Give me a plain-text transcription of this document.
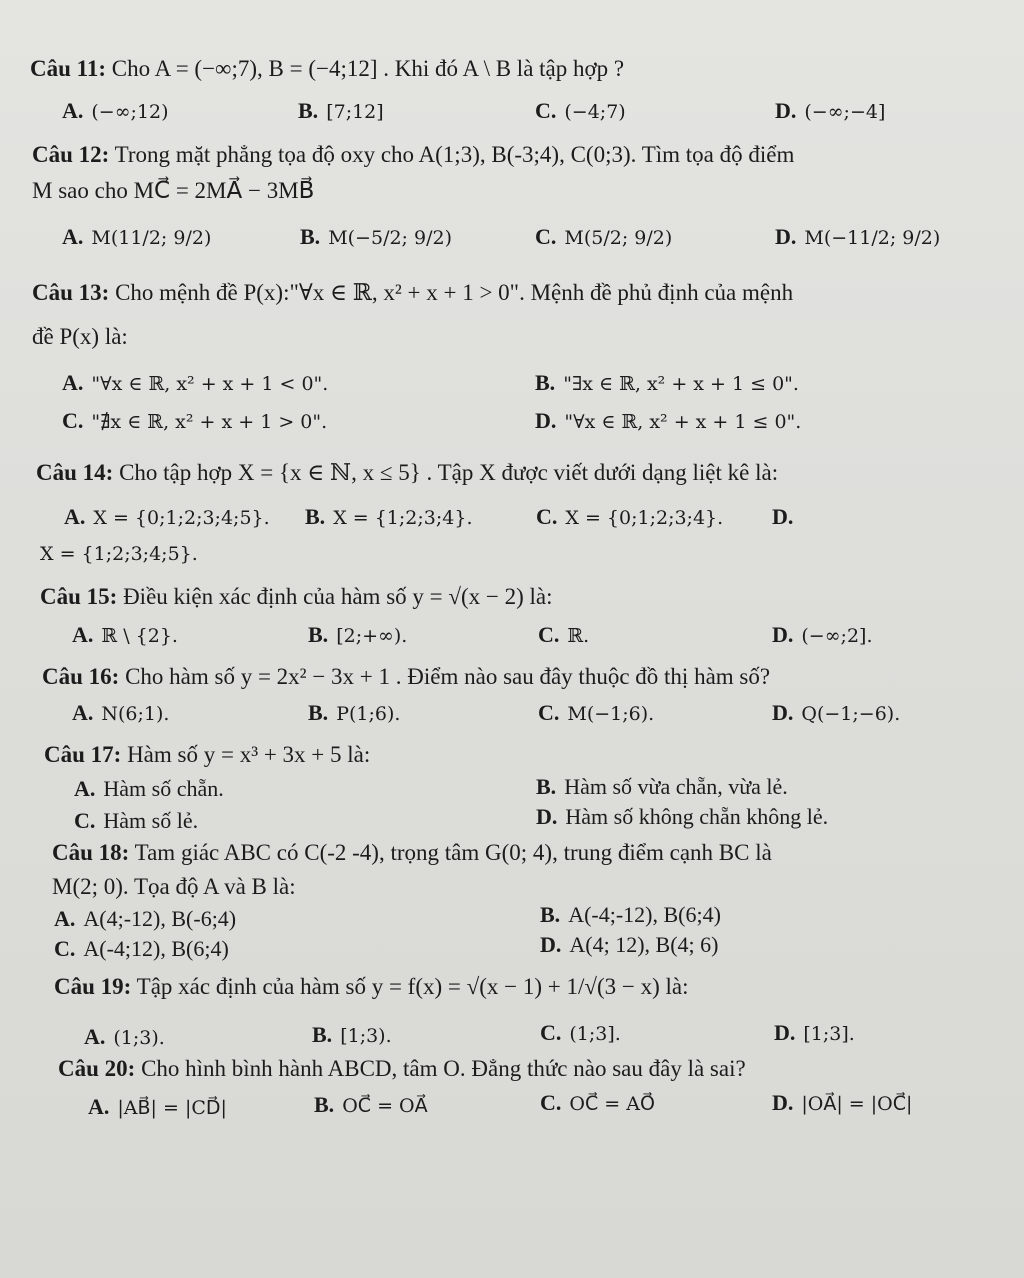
Câu 11: Cho A = (−∞;7), B = (−4;12] . Khi đó A \ B là tập hợp ?
A. (−∞;12)	B. [7;12]	C. (−4;7)	D. (−∞;−4]
Câu 12: Trong mặt phẳng tọa độ oxy cho A(1;3), B(-3;4), C(0;3). Tìm tọa độ điểm
M sao cho MC⃗ = 2MA⃗ − 3MB⃗
A. M(11/2; 9/2)	B. M(−5/2; 9/2)	C. M(5/2; 9/2)	D. M(−11/2; 9/2)
Câu 13: Cho mệnh đề P(x):"∀x ∈ ℝ, x² + x + 1 > 0". Mệnh đề phủ định của mệnh
đề P(x) là:
A. "∀x ∈ ℝ, x² + x + 1 < 0".	B. "∃x ∈ ℝ, x² + x + 1 ≤ 0".
C. "∄x ∈ ℝ, x² + x + 1 > 0".	D. "∀x ∈ ℝ, x² + x + 1 ≤ 0".
Câu 14: Cho tập hợp X = {x ∈ ℕ, x ≤ 5} . Tập X được viết dưới dạng liệt kê là:
A. X = {0;1;2;3;4;5}. B. X = {1;2;3;4}.	C. X = {0;1;2;3;4}. D.
X = {1;2;3;4;5}.
Câu 15: Điều kiện xác định của hàm số y = √(x − 2) là:
A. ℝ \ {2}.	B. [2;+∞).	C. ℝ.	D. (−∞;2].
Câu 16: Cho hàm số y = 2x² − 3x + 1 . Điểm nào sau đây thuộc đồ thị hàm số?
A. N(6;1).	B. P(1;6).	C. M(−1;6).	D. Q(−1;−6).
Câu 17: Hàm số y = x³ + 3x + 5 là:
A. Hàm số chẵn.	B. Hàm số vừa chẵn, vừa lẻ.
C. Hàm số lẻ.	D. Hàm số không chẵn không lẻ.
Câu 18: Tam giác ABC có C(-2 -4), trọng tâm G(0; 4), trung điểm cạnh BC là
M(2; 0). Tọa độ A và B là:
A. A(4;-12), B(-6;4)	B. A(-4;-12), B(6;4)
C. A(-4;12), B(6;4)	D. A(4; 12), B(4; 6)
Câu 19: Tập xác định của hàm số y = f(x) = √(x − 1) + 1/√(3 − x) là:
A. (1;3).	B. [1;3).	C. (1;3].	D. [1;3].
Câu 20: Cho hình bình hành ABCD, tâm O. Đẳng thức nào sau đây là sai?
A. |AB⃗| = |CD⃗|	B. OC⃗ = OA⃗	C. OC⃗ = AO⃗	D. |OA⃗| = |OC⃗|
